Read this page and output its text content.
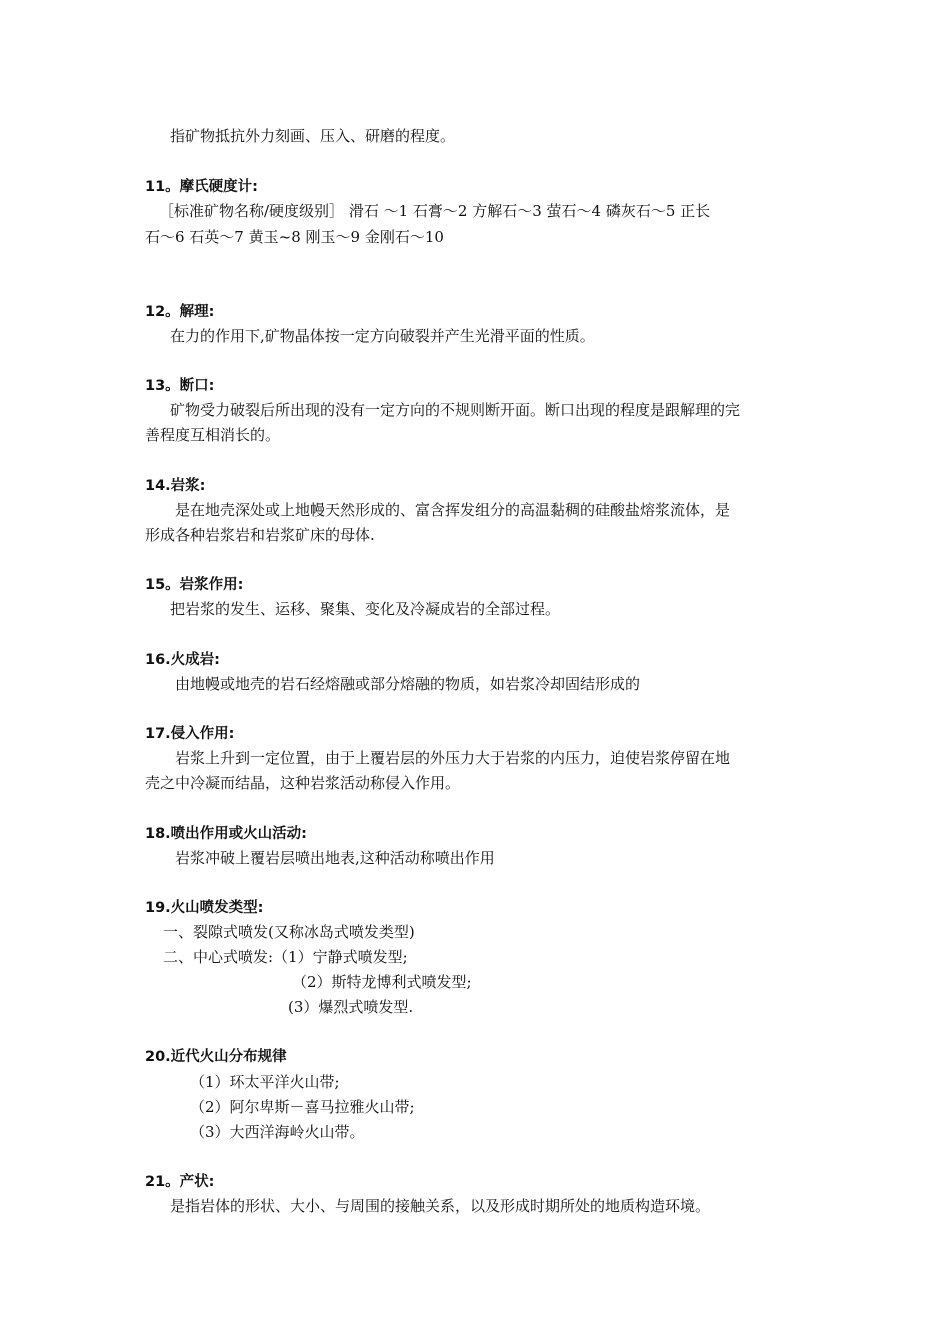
指矿物抵抗外力刻画、压入、研磨的程度。
11。摩氏硬度计:
［标准矿物名称/硬度级别］ 滑石 ～1 石膏～2 方解石～3 萤石～4 磷灰石～5 正长
石～6 石英～7 黄玉~8 刚玉～9 金刚石～10
12。解理:
在力的作用下,矿物晶体按一定方向破裂并产生光滑平面的性质。
13。断口:
矿物受力破裂后所出现的没有一定方向的不规则断开面。断口出现的程度是跟解理的完
善程度互相消长的。
14.岩浆:
是在地壳深处或上地幔天然形成的、富含挥发组分的高温黏稠的硅酸盐熔浆流体，是
形成各种岩浆岩和岩浆矿床的母体.
15。岩浆作用:
把岩浆的发生、运移、聚集、变化及冷凝成岩的全部过程。
16.火成岩:
由地幔或地壳的岩石经熔融或部分熔融的物质，如岩浆冷却固结形成的
17.侵入作用:
岩浆上升到一定位置，由于上覆岩层的外压力大于岩浆的内压力，迫使岩浆停留在地
壳之中冷凝而结晶，这种岩浆活动称侵入作用。
18.喷出作用或火山活动:
岩浆冲破上覆岩层喷出地表,这种活动称喷出作用
19.火山喷发类型:
一、裂隙式喷发(又称冰岛式喷发类型)
二、中心式喷发:（1）宁静式喷发型;
（2）斯特龙博利式喷发型;
(3）爆烈式喷发型.
20.近代火山分布规律
（1）环太平洋火山带;
（2）阿尔卑斯－喜马拉雅火山带;
（3）大西洋海岭火山带。
21。产状:
是指岩体的形状、大小、与周围的接触关系，以及形成时期所处的地质构造环境。
